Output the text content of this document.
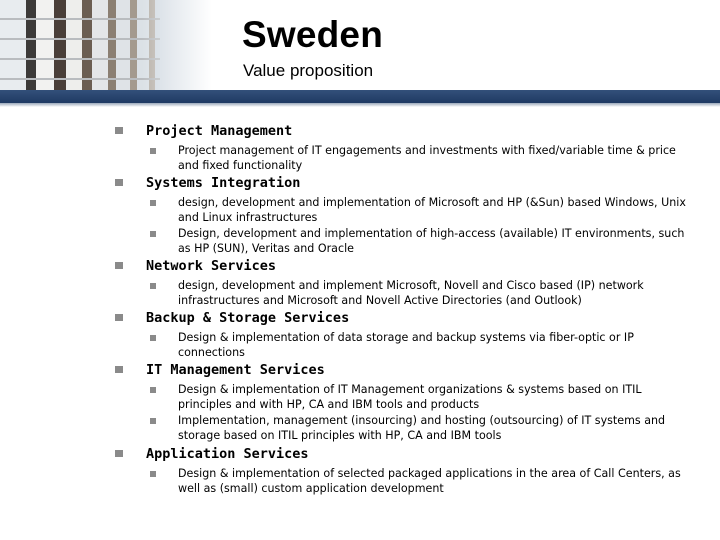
Sweden
Value proposition
Project Management
Project management of IT engagements and investments with fixed/variable time & price and fixed functionality
Systems Integration
design, development and implementation of Microsoft and HP (&Sun) based Windows, Unix and Linux infrastructures
Design, development and implementation of high-access (available) IT environments, such as HP (SUN), Veritas and Oracle
Network Services
design, development and implement Microsoft, Novell and Cisco based (IP) network infrastructures and Microsoft and Novell Active Directories (and Outlook)
Backup & Storage Services
Design & implementation of data storage and backup systems via fiber-optic or IP connections
IT Management Services
Design & implementation of IT Management organizations & systems based on ITIL principles and with HP, CA and IBM tools and products
Implementation, management (insourcing) and hosting (outsourcing) of IT systems and storage based on ITIL principles with HP, CA and IBM tools
Application Services
Design & implementation of selected packaged applications in the area of Call Centers, as well as (small) custom application development
